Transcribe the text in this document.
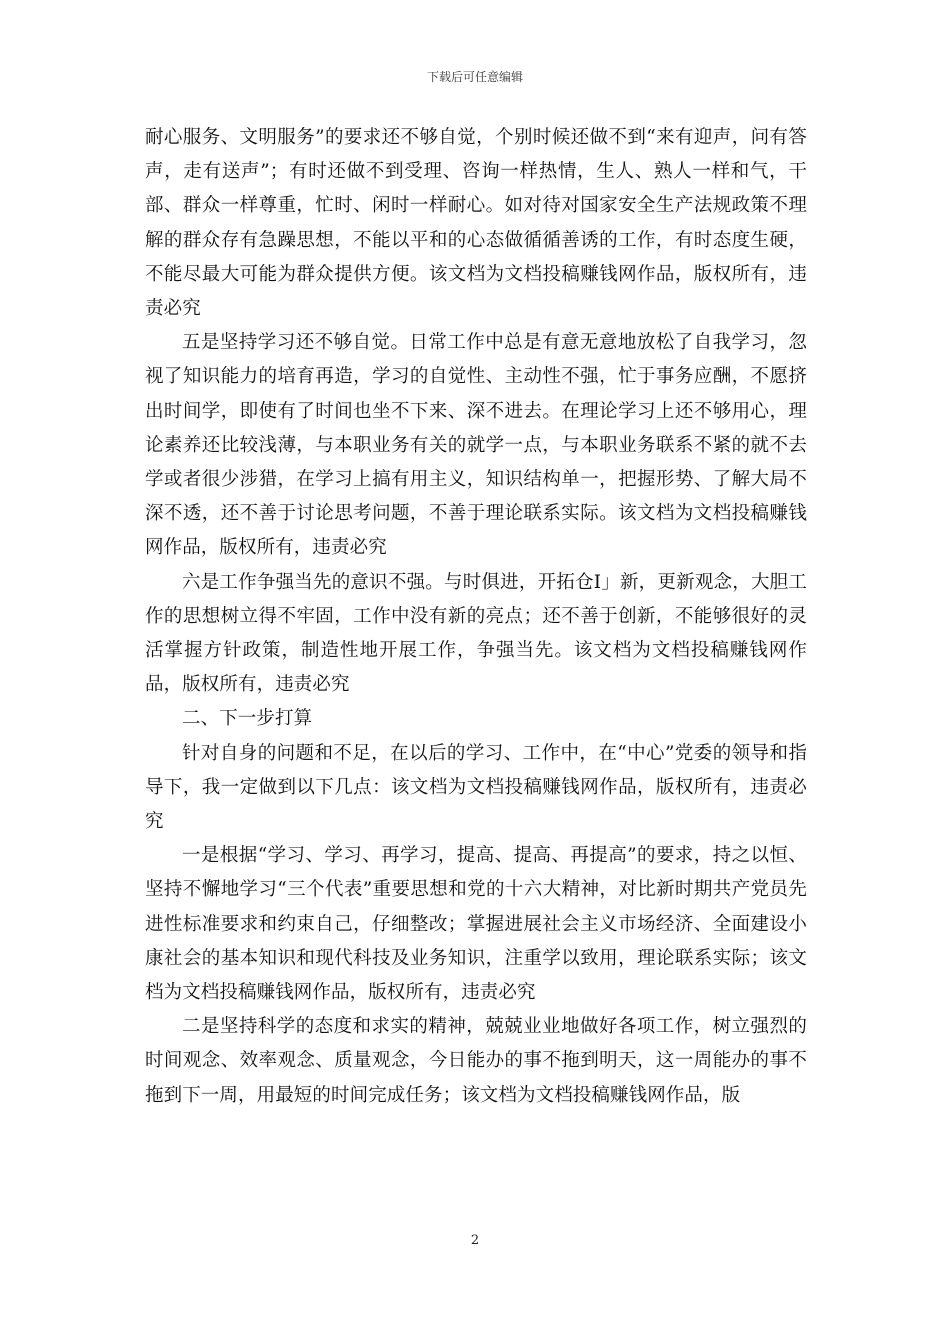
下载后可任意编辑

耐心服务、文明服务”的要求还不够自觉，个别时候还做不到“来有迎声，问有答声，走有送声”；有时还做不到受理、咨询一样热情，生人、熟人一样和气，干部、群众一样尊重，忙时、闲时一样耐心。如对待对国家安全生产法规政策不理解的群众存有急躁思想，不能以平和的心态做循循善诱的工作，有时态度生硬，不能尽最大可能为群众提供方便。该文档为文档投稿赚钱网作品，版权所有，违责必究

五是坚持学习还不够自觉。日常工作中总是有意无意地放松了自我学习，忽视了知识能力的培育再造，学习的自觉性、主动性不强，忙于事务应酬，不愿挤出时间学，即使有了时间也坐不下来、深不进去。在理论学习上还不够用心，理论素养还比较浅薄，与本职业务有关的就学一点，与本职业务联系不紧的就不去学或者很少涉猎，在学习上搞有用主义，知识结构单一，把握形势、了解大局不深不透，还不善于讨论思考问题，不善于理论联系实际。该文档为文档投稿赚钱网作品，版权所有，违责必究

六是工作争强当先的意识不强。与时俱进，开拓仓I」新，更新观念，大胆工作的思想树立得不牢固，工作中没有新的亮点；还不善于创新，不能够很好的灵活掌握方针政策，制造性地开展工作，争强当先。该文档为文档投稿赚钱网作品，版权所有，违责必究

二、下一步打算

针对自身的问题和不足，在以后的学习、工作中，在“中心”党委的领导和指导下，我一定做到以下几点：该文档为文档投稿赚钱网作品，版权所有，违责必究

一是根据“学习、学习、再学习，提高、提高、再提高”的要求，持之以恒、坚持不懈地学习“三个代表”重要思想和党的十六大精神，对比新时期共产党员先进性标准要求和约束自己，仔细整改；掌握进展社会主义市场经济、全面建设小康社会的基本知识和现代科技及业务知识，注重学以致用，理论联系实际；该文档为文档投稿赚钱网作品，版权所有，违责必究

二是坚持科学的态度和求实的精神，兢兢业业地做好各项工作，树立强烈的时间观念、效率观念、质量观念，今日能办的事不拖到明天，这一周能办的事不拖到下一周，用最短的时间完成任务；该文档为文档投稿赚钱网作品，版

2
